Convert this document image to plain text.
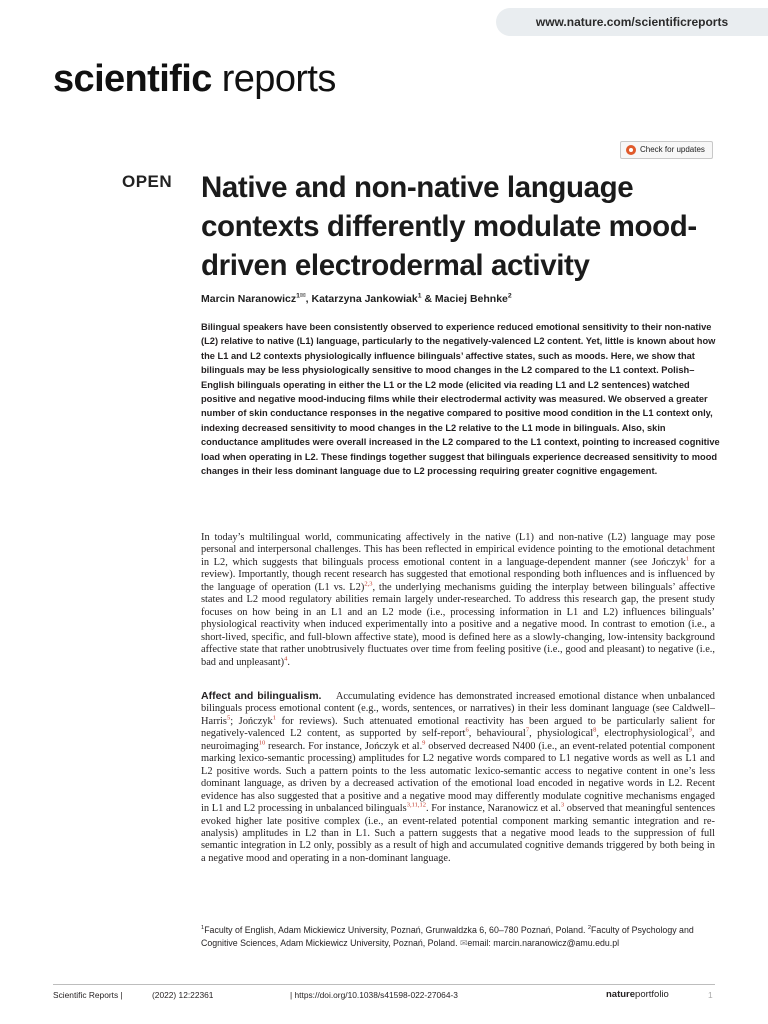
www.nature.com/scientificreports
scientific reports
Check for updates
OPEN Native and non-native language contexts differently modulate mood-driven electrodermal activity
Marcin Naranowicz$^{1✉}$, Katarzyna Jankowiak$^1$ & Maciej Behnke$^2$

Bilingual speakers have been consistently observed to experience reduced emotional sensitivity to their non-native (L2) relative to native (L1) language, particularly to the negatively-valenced L2 content. Yet, little is known about how the L1 and L2 contexts physiologically influence bilinguals’ affective states, such as moods. Here, we show that bilinguals may be less physiologically sensitive to mood changes in the L2 compared to the L1 context. Polish–English bilinguals operating in either the L1 or the L2 mode (elicited via reading L1 and L2 sentences) watched positive and negative mood-inducing films while their electrodermal activity was measured. We observed a greater number of skin conductance responses in the negative compared to positive mood condition in the L1 context only, indexing decreased sensitivity to mood changes in the L2 relative to the L1 mode in bilinguals. Also, skin conductance amplitudes were overall increased in the L2 compared to the L1 context, pointing to increased cognitive load when operating in L2. These findings together suggest that bilinguals experience decreased sensitivity to mood changes in their less dominant language due to L2 processing requiring greater cognitive engagement.

In today’s multilingual world, communicating affectively in the native (L1) and non-native (L2) language may pose personal and interpersonal challenges. This has been reflected in empirical evidence pointing to the emotional detachment in L2, which suggests that bilinguals process emotional content in a language-dependent manner (see Jończyk$^1$ for a review). Importantly, though recent research has suggested that emotional responding both influences and is influenced by the language of operation (L1 vs. L2)$^{2,3}$, the underlying mechanisms guiding the interplay between bilinguals’ affective states and L2 mood regulatory abilities remain largely under-researched. To address this research gap, the present study focuses on how being in an L1 and an L2 mode (i.e., processing information in L1 and L2) influences bilinguals’ physiological reactivity when induced experimentally into a positive and a negative mood. In contrast to emotion (i.e., a short-lived, specific, and full-blown affective state), mood is defined here as a slowly-changing, low-intensity background affective state that rather unobtrusively fluctuates over time from feeling positive (i.e., good and pleasant) to negative (i.e., bad and unpleasant)$^4$.

Affect and bilingualism. Accumulating evidence has demonstrated increased emotional distance when unbalanced bilinguals process emotional content (e.g., words, sentences, or narratives) in their less dominant language (see Caldwell–Harris$^5$; Jończyk$^1$ for reviews). Such attenuated emotional reactivity has been argued to be particularly salient for negatively-valenced L2 content, as supported by self-report$^6$, behavioural$^7$, physiological$^8$, electrophysiological$^9$, and neuroimaging$^{10}$ research. For instance, Jończyk et al.$^9$ observed decreased N400 (i.e., an event-related potential component marking lexico-semantic processing) amplitudes for L2 negative words compared to L1 negative words as well as L1 and L2 positive words. Such a pattern points to the less automatic lexico-semantic access to negative content in one’s less dominant language, as driven by a decreased activation of the emotional load encoded in negative words in L2. Recent evidence has also suggested that a positive and a negative mood may differently modulate cognitive mechanisms engaged in L1 and L2 processing in unbalanced bilinguals$^{3,11,12}$. For instance, Naranowicz et al.$^3$ observed that meaningful sentences evoked higher late positive complex (i.e., an event-related potential component marking semantic integration and re-analysis) amplitudes in L2 than in L1. Such a pattern suggests that a negative mood leads to the suppression of full semantic integration in L2 only, possibly as a result of high and accumulated cognitive demands triggered by both being in a negative mood and operating in a non-dominant language.

$^1$Faculty of English, Adam Mickiewicz University, Poznań, Grunwaldzka 6, 60–780 Poznań, Poland. $^2$Faculty of Psychology and Cognitive Sciences, Adam Mickiewicz University, Poznań, Poland. ✉email: marcin.naranowicz@amu.edu.pl

Scientific Reports |	(2022) 12:22361	| https://doi.org/10.1038/s41598-022-27064-3	natureportfolio	1
